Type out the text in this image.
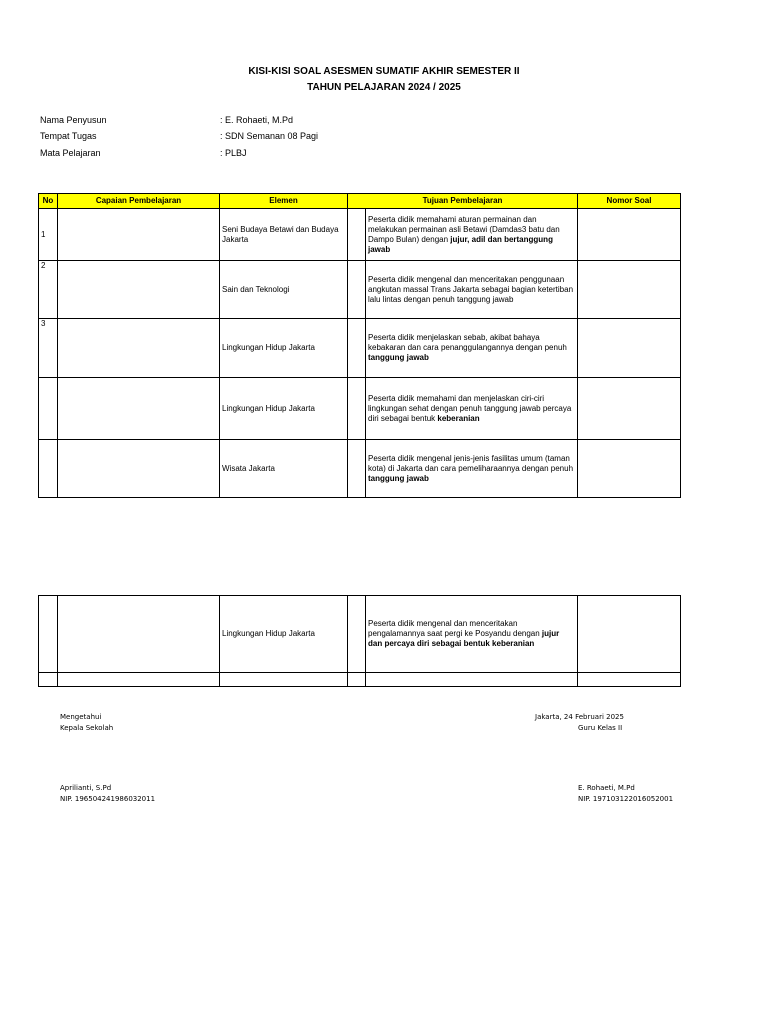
KISI-KISI SOAL ASESMEN SUMATIF AKHIR SEMESTER II
TAHUN PELAJARAN 2024 / 2025
Nama Penyusun	: E. Rohaeti, M.Pd
Tempat Tugas	: SDN Semanan 08 Pagi
Mata Pelajaran	: PLBJ
No	Capaian Pembelajaran	Elemen	Tujuan Pembelajaran		Nomor Soal
1		Seni Budaya Betawi dan Budaya Jakarta		Peserta didik memahami aturan permainan dan melakukan permainan asli Betawi (Damdas3 batu dan Dampo Bulan) dengan jujur, adil dan bertanggung jawab	
2		Sain dan Teknologi		Peserta didik mengenal dan menceritakan penggunaan angkutan massal Trans Jakarta sebagai bagian ketertiban lalu lintas dengan penuh tanggung jawab	
3		Lingkungan Hidup Jakarta		Peserta didik menjelaskan sebab, akibat bahaya kebakaran dan cara penanggulangannya dengan penuh tanggung jawab	
		Lingkungan Hidup Jakarta		Peserta didik memahami dan menjelaskan ciri-ciri lingkungan sehat dengan penuh tanggung jawab percaya diri sebagai bentuk keberanian	
		Wisata Jakarta		Peserta didik mengenal jenis-jenis fasilitas umum (taman kota) di Jakarta dan cara pemeliharaannya dengan penuh tanggung jawab	
		Lingkungan Hidup Jakarta		Peserta didik mengenal dan menceritakan pengalamannya saat pergi ke Posyandu dengan jujur dan percaya diri sebagai bentuk keberanian	

Mengetahui
Kepala Sekolah
Aprilianti, S.Pd
NIP. 196504241986032011
Jakarta, 24 Februari 2025
Guru Kelas II
E. Rohaeti, M.Pd
NIP. 197103122016052001
